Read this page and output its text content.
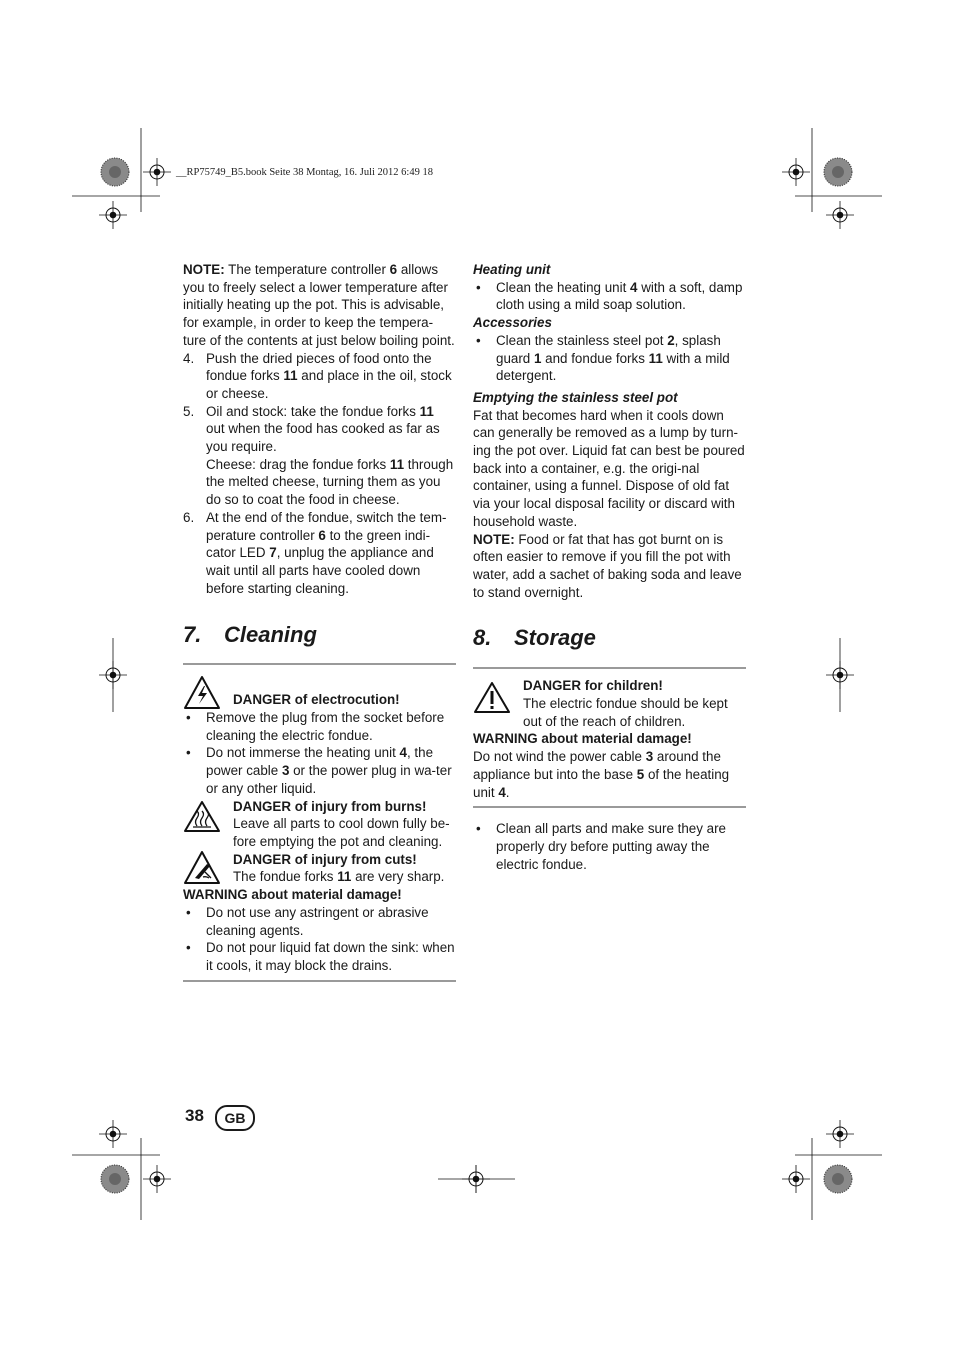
__RP75749_B5.book Seite 38 Montag, 16. Juli 2012 6:49 18

NOTE: The temperature controller 6 allows you to freely select a lower temperature after initially heating up the pot. This is advisable, for example, in order to keep the tempera-ture of the contents at just below boiling point.

4. Push the dried pieces of food onto the fondue forks 11 and place in the oil, stock or cheese.
5. Oil and stock: take the fondue forks 11 out when the food has cooked as far as you require.
Cheese: drag the fondue forks 11 through the melted cheese, turning them as you do so to coat the food in cheese.
6. At the end of the fondue, switch the tem-perature controller 6 to the green indi-cator LED 7, unplug the appliance and wait until all parts have cooled down before starting cleaning.
7. Cleaning

DANGER of electrocution!

• Remove the plug from the socket before cleaning the electric fondue.
• Do not immerse the heating unit 4, the power cable 3 or the power plug in wa-ter or any other liquid.

DANGER of injury from burns!

Leave all parts to cool down fully be-fore emptying the pot and cleaning.

DANGER of injury from cuts!

The fondue forks 11 are very sharp.

WARNING about material damage!

• Do not use any astringent or abrasive cleaning agents.
• Do not pour liquid fat down the sink: when it cools, it may block the drains.

Heating unit

• Clean the heating unit 4 with a soft, damp cloth using a mild soap solution.

Accessories

• Clean the stainless steel pot 2, splash guard 1 and fondue forks 11 with a mild detergent.

Emptying the stainless steel pot

Fat that becomes hard when it cools down can generally be removed as a lump by turn-ing the pot over. Liquid fat can best be poured back into a container, e.g. the origi-nal container, using a funnel. Dispose of old fat via your local disposal facility or discard with household waste.

NOTE: Food or fat that has got burnt on is often easier to remove if you fill the pot with water, add a sachet of baking soda and leave to stand overnight.

8. Storage

DANGER for children!

The electric fondue should be kept out of the reach of children.

WARNING about material damage!

Do not wind the power cable 3 around the appliance but into the base 5 of the heating unit 4.

• Clean all parts and make sure they are properly dry before putting away the electric fondue.
38	GB
